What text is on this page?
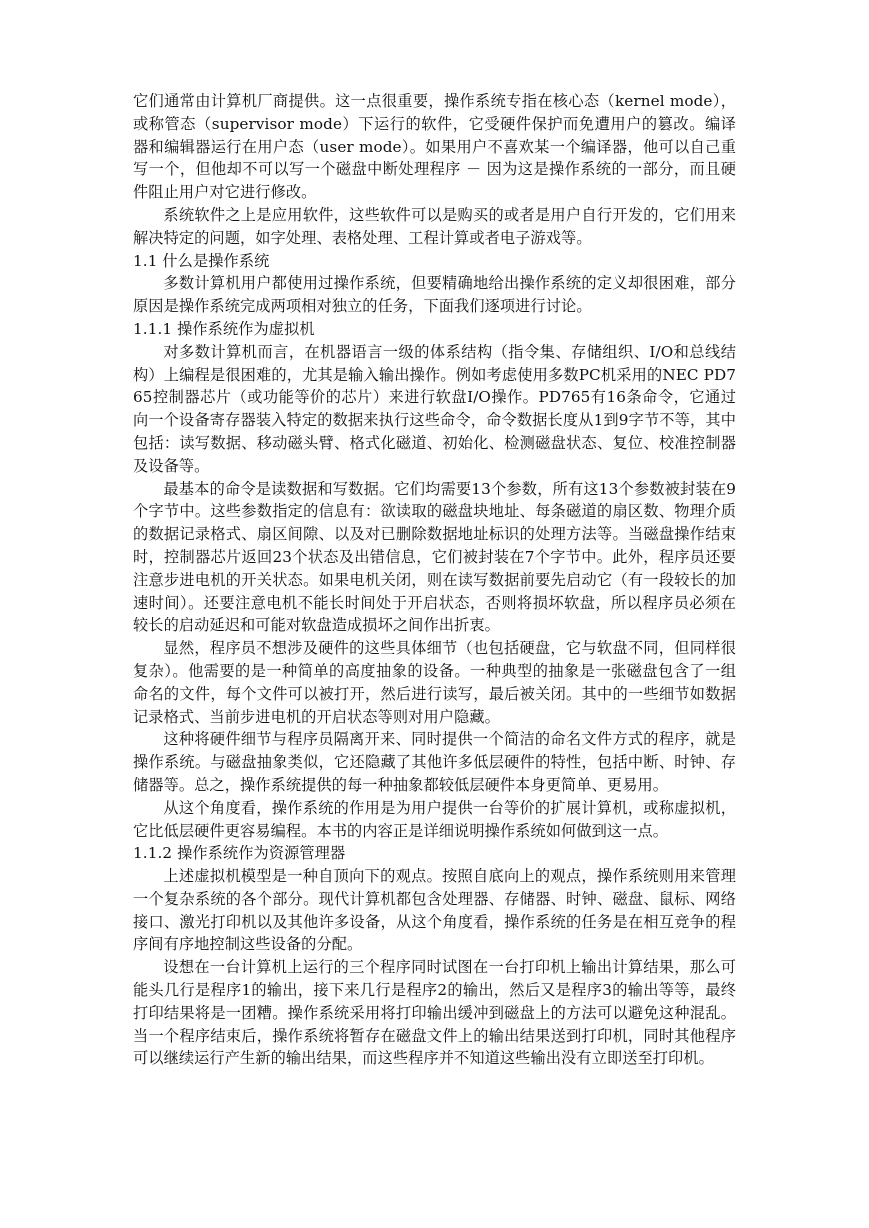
它们通常由计算机厂商提供。这一点很重要，操作系统专指在核心态（kernel mode），或称管态（supervisor mode）下运行的软件，它受硬件保护而免遭用户的篡改。编译器和编辑器运行在用户态（user mode）。如果用户不喜欢某一个编译器，他可以自己重写一个，但他却不可以写一个磁盘中断处理程序 － 因为这是操作系统的一部分，而且硬件阻止用户对它进行修改。

系统软件之上是应用软件，这些软件可以是购买的或者是用户自行开发的，它们用来解决特定的问题，如字处理、表格处理、工程计算或者电子游戏等。

1.1 什么是操作系统

多数计算机用户都使用过操作系统，但要精确地给出操作系统的定义却很困难，部分原因是操作系统完成两项相对独立的任务，下面我们逐项进行讨论。

1.1.1 操作系统作为虚拟机

对多数计算机而言，在机器语言一级的体系结构（指令集、存储组织、I/O和总线结构）上编程是很困难的，尤其是输入输出操作。例如考虑使用多数PC机采用的NEC PD765控制器芯片（或功能等价的芯片）来进行软盘I/O操作。PD765有16条命令，它通过向一个设备寄存器装入特定的数据来执行这些命令，命令数据长度从1到9字节不等，其中包括：读写数据、移动磁头臂、格式化磁道、初始化、检测磁盘状态、复位、校准控制器及设备等。

最基本的命令是读数据和写数据。它们均需要13个参数，所有这13个参数被封装在9个字节中。这些参数指定的信息有：欲读取的磁盘块地址、每条磁道的扇区数、物理介质的数据记录格式、扇区间隙、以及对已删除数据地址标识的处理方法等。当磁盘操作结束时，控制器芯片返回23个状态及出错信息，它们被封装在7个字节中。此外，程序员还要注意步进电机的开关状态。如果电机关闭，则在读写数据前要先启动它（有一段较长的加速时间）。还要注意电机不能长时间处于开启状态，否则将损坏软盘，所以程序员必须在较长的启动延迟和可能对软盘造成损坏之间作出折衷。

显然，程序员不想涉及硬件的这些具体细节（也包括硬盘，它与软盘不同，但同样很复杂）。他需要的是一种简单的高度抽象的设备。一种典型的抽象是一张磁盘包含了一组命名的文件，每个文件可以被打开，然后进行读写，最后被关闭。其中的一些细节如数据记录格式、当前步进电机的开启状态等则对用户隐藏。

这种将硬件细节与程序员隔离开来、同时提供一个简洁的命名文件方式的程序，就是操作系统。与磁盘抽象类似，它还隐藏了其他许多低层硬件的特性，包括中断、时钟、存储器等。总之，操作系统提供的每一种抽象都较低层硬件本身更简单、更易用。

从这个角度看，操作系统的作用是为用户提供一台等价的扩展计算机，或称虚拟机，它比低层硬件更容易编程。本书的内容正是详细说明操作系统如何做到这一点。

1.1.2 操作系统作为资源管理器

上述虚拟机模型是一种自顶向下的观点。按照自底向上的观点，操作系统则用来管理一个复杂系统的各个部分。现代计算机都包含处理器、存储器、时钟、磁盘、鼠标、网络接口、激光打印机以及其他许多设备，从这个角度看，操作系统的任务是在相互竞争的程序间有序地控制这些设备的分配。

设想在一台计算机上运行的三个程序同时试图在一台打印机上输出计算结果，那么可能头几行是程序1的输出，接下来几行是程序2的输出，然后又是程序3的输出等等，最终打印结果将是一团糟。操作系统采用将打印输出缓冲到磁盘上的方法可以避免这种混乱。当一个程序结束后，操作系统将暂存在磁盘文件上的输出结果送到打印机，同时其他程序可以继续运行产生新的输出结果，而这些程序并不知道这些输出没有立即送至打印机。
